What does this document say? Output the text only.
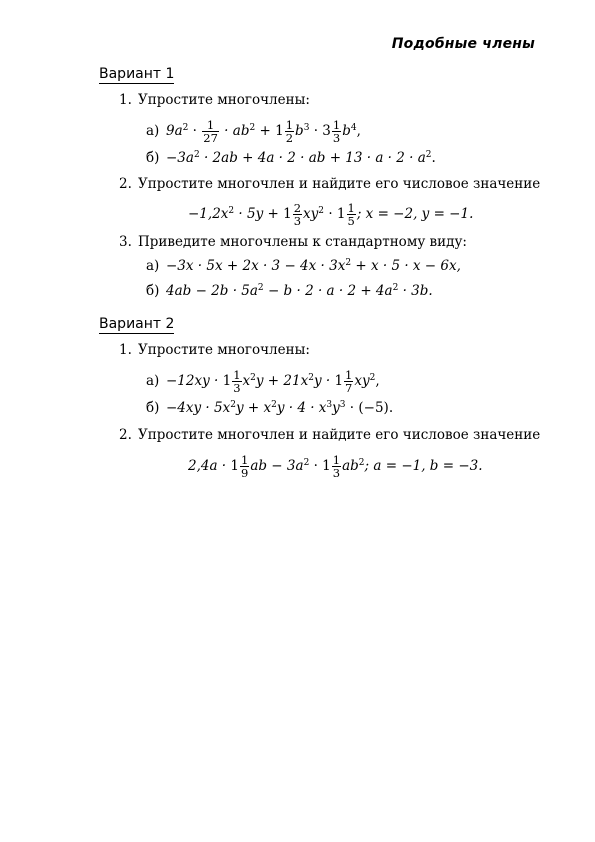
Подобные члены
Вариант 1
1. Упростите многочлены:
а) $9a^2 \cdot \frac{1}{27} \cdot ab^2 + 1 \frac{1}{2} b^3 \cdot 3 \frac{1}{3} b^4$,
$б) -3a^2 \cdot 2ab + 4a \cdot 2$ · ab + $13 \cdot a \cdot 2 \cdot a^2$.
2. Упростите многочлен и найдите его числовое значение
$-1,2x^2 \cdot 5y + 1 \frac{2}{3} xy^2 \cdot 1 \frac{1}{5}$ ; x = −2, y = −1.
3. Приведите многочлены к стандартному виду:
$а) -3x \cdot 5x + 2x \cdot 3 - 4x \cdot 3x^2 + x \cdot 5 \cdot x - 6x$,
б) $4ab - 2b \cdot 5a^2 - b \cdot 2 \cdot a \cdot 2 + 4a^2 \cdot 3b$.
Вариант 2
1. Упростите многочлены:
$а) -12xy \cdot 1 \frac{1}{3} x^2y + 21x^2y \cdot 1 \frac{1}{7} xy^2$,
$б) -4xy \cdot 5x^2y + x^2y \cdot 4 \cdot x^3y^3 \cdot (-5)$.
2. Упростите многочлен и найдите его числовое значение
$2,4a \cdot 1 \frac{1}{9}$ ab − $3a^2 \cdot 1 \frac{1}{3} ab^2$; a = −1, b = −3.
